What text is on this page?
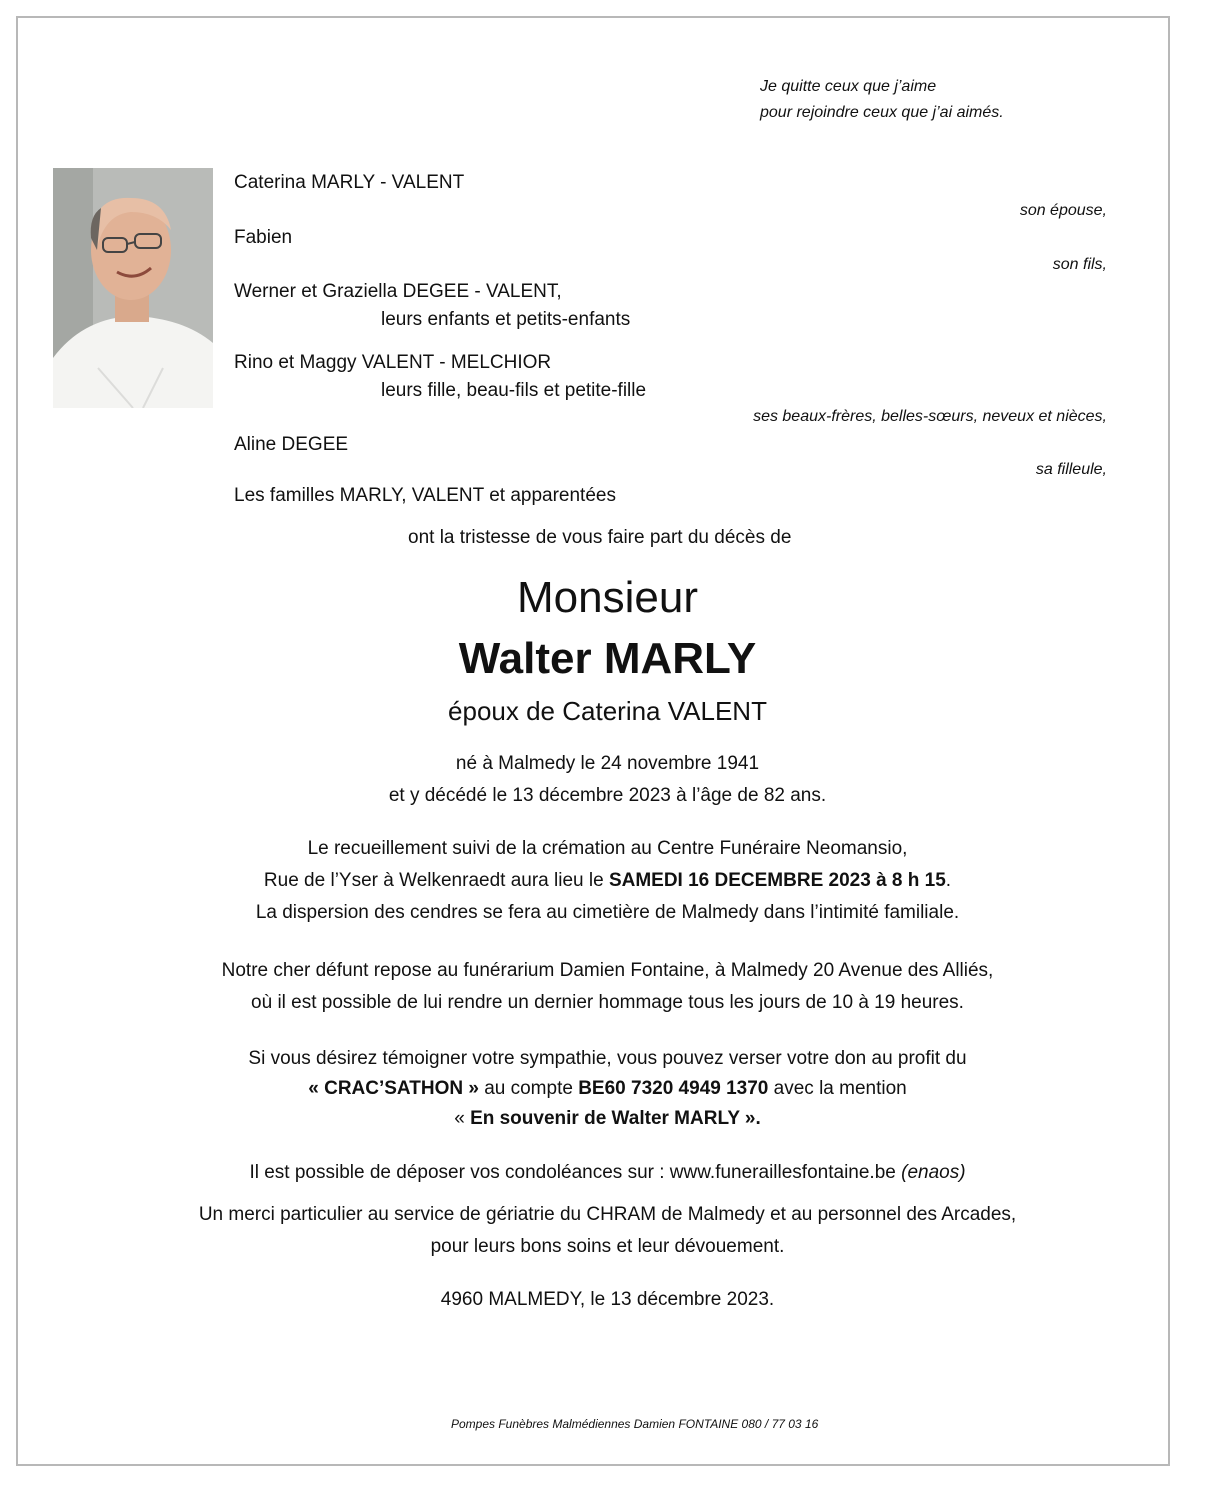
Je quitte ceux que j’aime
pour rejoindre ceux que j’ai aimés.
Caterina MARLY - VALENT
son épouse,
Fabien
son fils,
Werner et Graziella DEGEE - VALENT,
leurs enfants et petits-enfants
Rino et Maggy VALENT - MELCHIOR
leurs fille, beau-fils et petite-fille
ses beaux-frères, belles-sœurs, neveux et nièces,
Aline DEGEE
sa filleule,
Les familles MARLY, VALENT et apparentées
ont la tristesse de vous faire part du décès de
Monsieur
Walter MARLY
époux de Caterina VALENT
né à Malmedy le 24 novembre 1941
et y décédé le 13 décembre 2023 à l’âge de 82 ans.
Le recueillement suivi de la crémation au Centre Funéraire Neomansio,
Rue de l’Yser à Welkenraedt aura lieu le SAMEDI 16 DECEMBRE 2023 à 8 h 15.
La dispersion des cendres se fera au cimetière de Malmedy dans l’intimité familiale.
Notre cher défunt repose au funérarium Damien Fontaine, à Malmedy 20 Avenue des Alliés,
où il est possible de lui rendre un dernier hommage tous les jours de 10 à 19 heures.
Si vous désirez témoigner votre sympathie, vous pouvez verser votre don au profit du
« CRAC’SATHON » au compte BE60 7320 4949 1370 avec la mention
« En souvenir de Walter MARLY ».
Il est possible de déposer vos condoléances sur : www.funeraillesfontaine.be (enaos)
Un merci particulier au service de gériatrie du CHRAM de Malmedy et au personnel des Arcades,
pour leurs bons soins et leur dévouement.
4960 MALMEDY, le 13 décembre 2023.
Pompes Funèbres Malmédiennes Damien FONTAINE 080 / 77 03 16
